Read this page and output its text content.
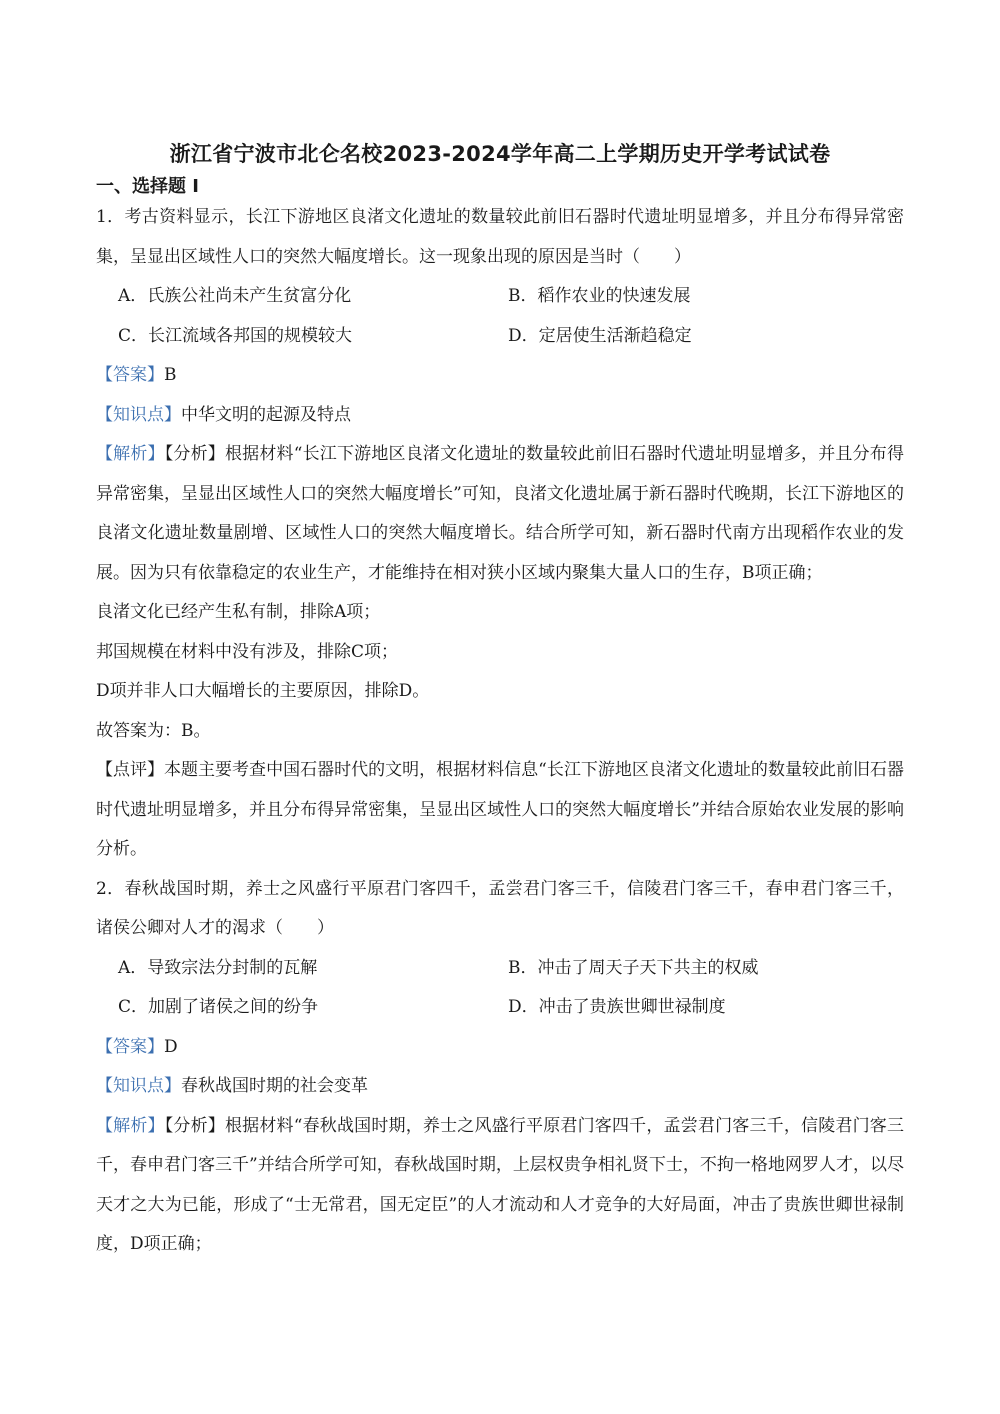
浙江省宁波市北仑名校2023-2024学年高二上学期历史开学考试试卷
一、选择题 I

1．考古资料显示，长江下游地区良渚文化遗址的数量较此前旧石器时代遗址明显增多，并且分布得异常密集，呈显出区域性人口的突然大幅度增长。这一现象出现的原因是当时（　　）

A．氏族公社尚未产生贫富分化	B．稻作农业的快速发展
C．长江流域各邦国的规模较大	D．定居使生活渐趋稳定

【答案】B

【知识点】中华文明的起源及特点

【解析】【分析】根据材料“长江下游地区良渚文化遗址的数量较此前旧石器时代遗址明显增多，并且分布得异常密集，呈显出区域性人口的突然大幅度增长”可知，良渚文化遗址属于新石器时代晚期，长江下游地区的良渚文化遗址数量剧增、区域性人口的突然大幅度增长。结合所学可知，新石器时代南方出现稻作农业的发展。因为只有依靠稳定的农业生产，才能维持在相对狭小区域内聚集大量人口的生存，B项正确；

良渚文化已经产生私有制，排除A项；

邦国规模在材料中没有涉及，排除C项；

D项并非人口大幅增长的主要原因，排除D。

故答案为：B。

【点评】本题主要考查中国石器时代的文明，根据材料信息“长江下游地区良渚文化遗址的数量较此前旧石器时代遗址明显增多，并且分布得异常密集，呈显出区域性人口的突然大幅度增长”并结合原始农业发展的影响分析。

2．春秋战国时期，养士之风盛行平原君门客四千，孟尝君门客三千，信陵君门客三千，春申君门客三千，诸侯公卿对人才的渴求（　　）

A．导致宗法分封制的瓦解	B．冲击了周天子天下共主的权威
C．加剧了诸侯之间的纷争	D．冲击了贵族世卿世禄制度

【答案】D

【知识点】春秋战国时期的社会变革

【解析】【分析】根据材料“春秋战国时期，养士之风盛行平原君门客四千，孟尝君门客三千，信陵君门客三千，春申君门客三千”并结合所学可知，春秋战国时期，上层权贵争相礼贤下士，不拘一格地网罗人才，以尽天才之大为已能，形成了“士无常君，国无定臣”的人才流动和人才竞争的大好局面，冲击了贵族世卿世禄制度，D项正确；
